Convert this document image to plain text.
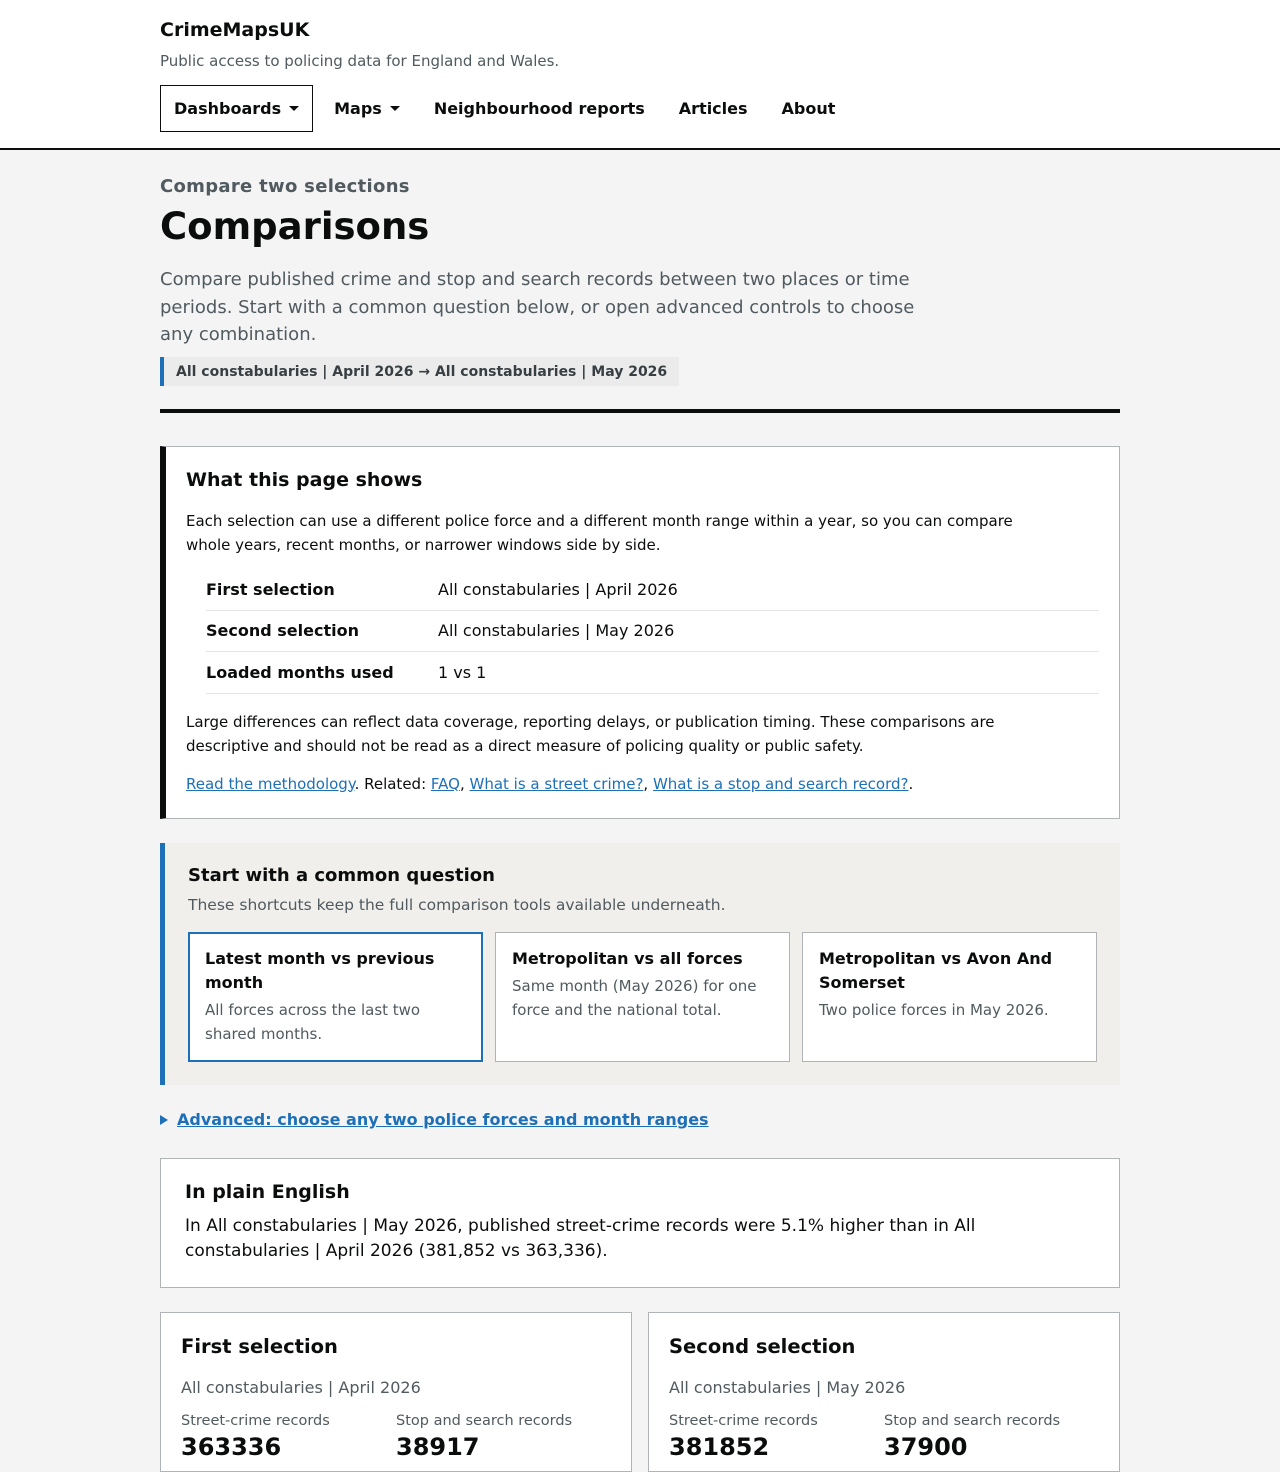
CrimeMapsUK
Public access to policing data for England and Wales.
Dashboards	Maps	Neighbourhood reports	Articles	About
Compare two selections
Comparisons

Compare published crime and stop and search records between two places or time periods. Start with a common question below, or open advanced controls to choose any combination.

All constabularies | April 2026 → All constabularies | May 2026
What this page shows

Each selection can use a different police force and a different month range within a year, so you can compare whole years, recent months, or narrower windows side by side.

First selection	All constabularies | April 2026
Second selection	All constabularies | May 2026
Loaded months used	1 vs 1

Large differences can reflect data coverage, reporting delays, or publication timing. These comparisons are descriptive and should not be read as a direct measure of policing quality or public safety.

Read the methodology. Related: FAQ, What is a street crime?, What is a stop and search record?.

Start with a common question
These shortcuts keep the full comparison tools available underneath.
Latest month vs previous month
All forces across the last two shared months.
Metropolitan vs all forces
Same month (May 2026) for one force and the national total.
Metropolitan vs Avon And Somerset
Two police forces in May 2026.
Advanced: choose any two police forces and month ranges
In plain English

In All constabularies | May 2026, published street-crime records were 5.1% higher than in All constabularies | April 2026 (381,852 vs 363,336).

First selection
All constabularies | April 2026
Street-crime records
363336
Stop and search records
38917
Second selection
All constabularies | May 2026
Street-crime records
381852
Stop and search records
37900
